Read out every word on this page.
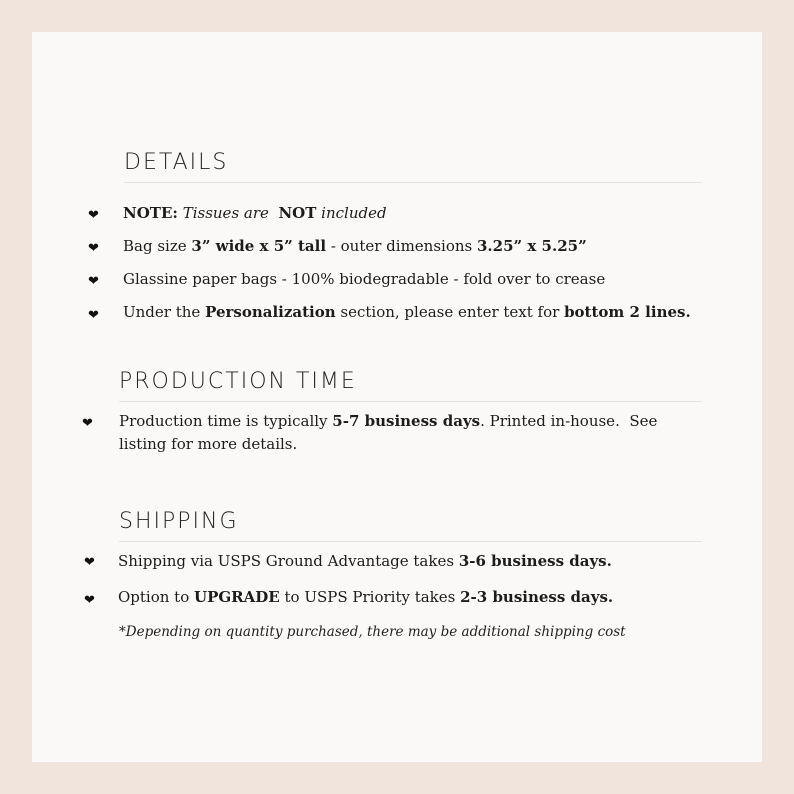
DETAILS
❤ NOTE: Tissues are  NOT included
❤ Bag size 3” wide x 5” tall - outer dimensions 3.25” x 5.25”
❤ Glassine paper bags - 100% biodegradable - fold over to crease
❤ Under the Personalization section, please enter text for bottom 2 lines.
PRODUCTION TIME
❤ Production time is typically 5-7 business days. Printed in-house.  See listing for more details.
SHIPPING
❤ Shipping via USPS Ground Advantage takes 3-6 business days.
❤ Option to UPGRADE to USPS Priority takes 2-3 business days.
*Depending on quantity purchased, there may be additional shipping cost
